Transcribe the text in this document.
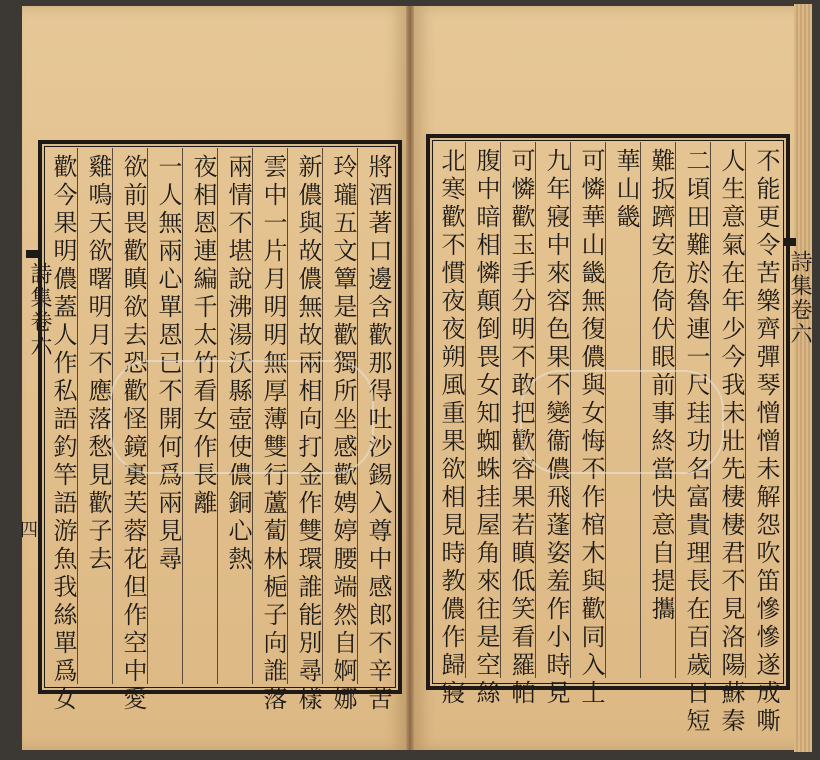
將酒著口邊含歡那得吐沙錫入尊中感郎不辛苦
玲瓏五文簟是歡獨所坐感歡娉婷腰端然自婀娜
新儂與故儂無故兩相向打金作雙環誰能別尋樣
雲中一片月明明無厚薄雙行蘆蔔林梔子向誰落
兩情不堪說沸湯沃縣壺使儂銅心熱
夜相恩連編千太竹看女作長離
一人無兩心單恩已不開何爲兩見尋
欲前畏歡瞋欲去恐歡怪鏡裏芙蓉花但作空中愛
雞鳴天欲曙明月不應落愁見歡子去
歡今果明儂蓋人作私語釣竿語游魚我絲單爲女
詩集卷六
四	不能更令苦樂齊彈琴憎憎未解怨吹笛慘慘遂成嘶
人生意氣在年少今我未壯先棲棲君不見洛陽蘇秦
二頃田難於魯連一尺珪功名富貴理長在百歲日短
難扳躋安危倚伏眼前事終當快意自提攜
華山畿
可憐華山畿無復儂與女悔不作棺木與歡同入土
九年寢中來容色果不變衞儂飛蓬姿羞作小時見
可憐歡玉手分明不敢把歡容果若瞋低笑看羅帕
腹中暗相憐顛倒畏女知蜘蛛挂屋角來往是空絲
北寒歡不慣夜夜朔風重果欲相見時教儂作歸寢	詩集卷六
